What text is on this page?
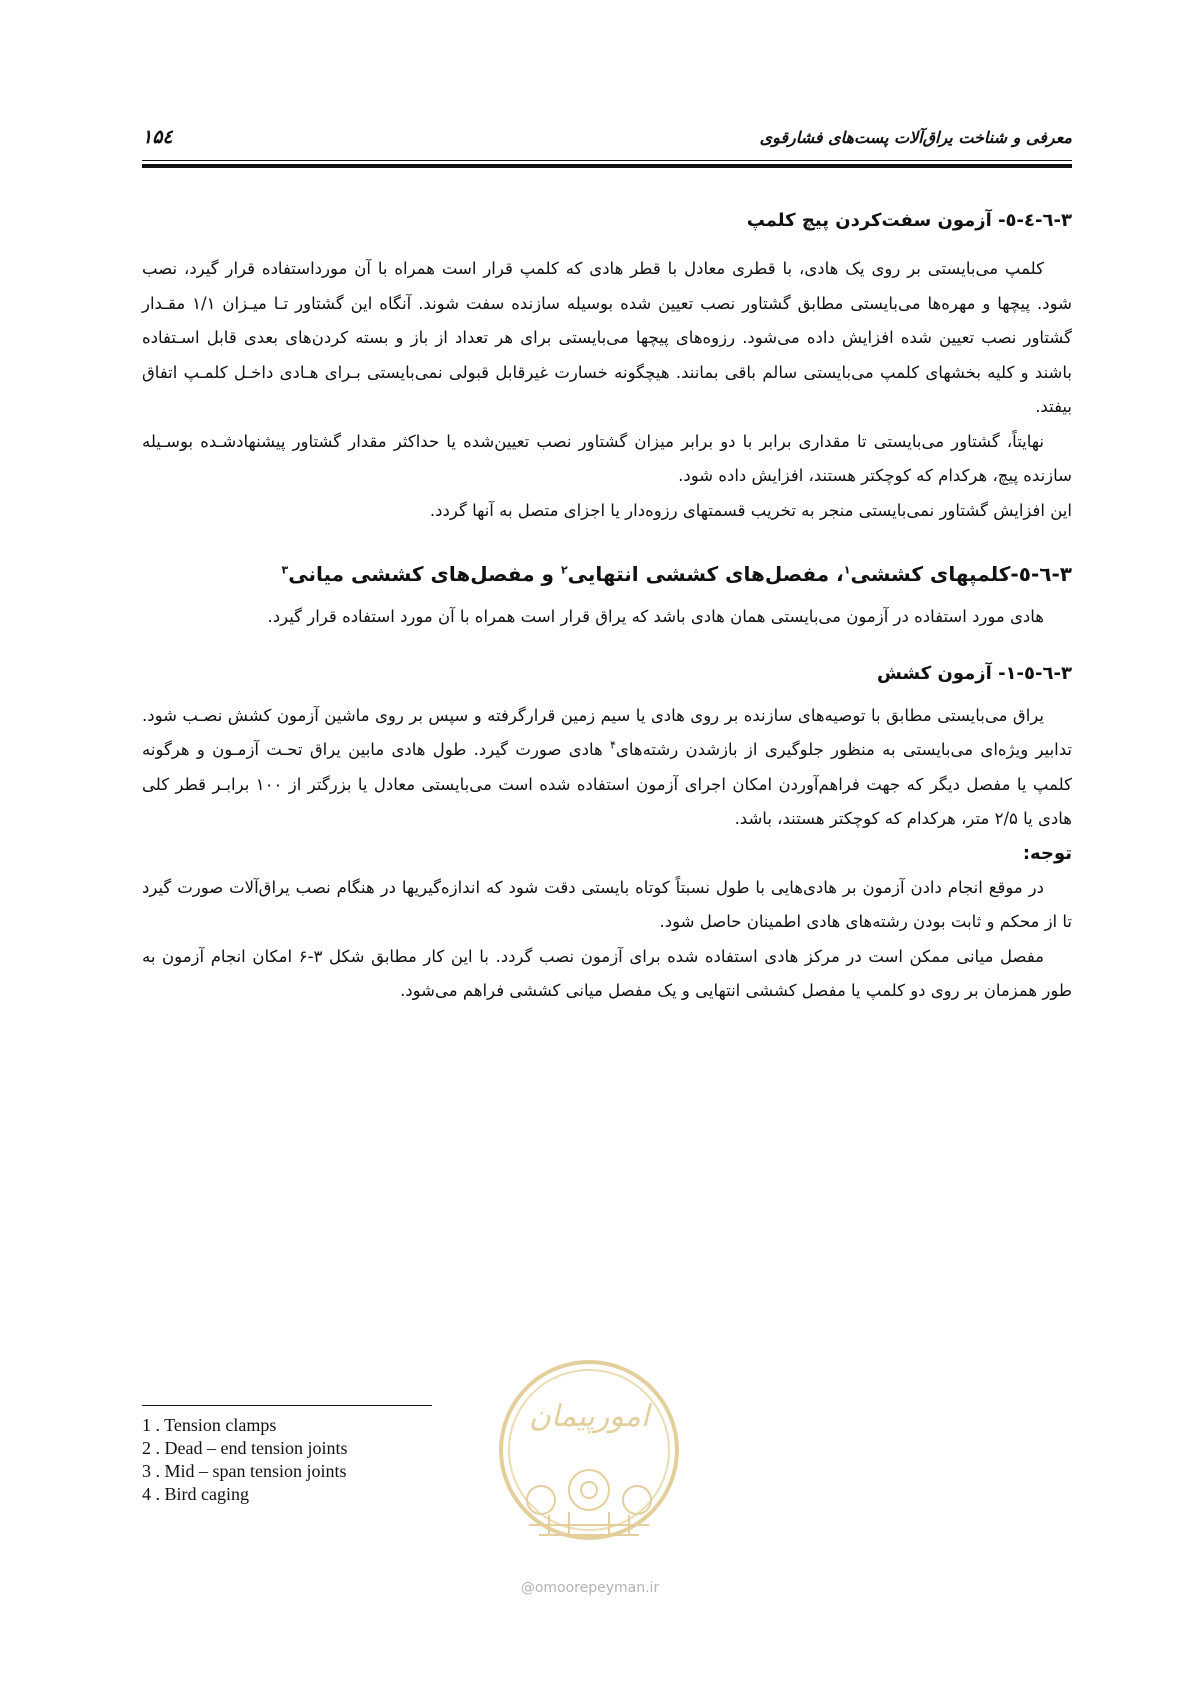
۱۵٤	معرفی و شناخت یراق‌آلات پست‌های فشارقوی
۳-٦-٤-٥- آزمون سفت‌کردن پیچ کلمپ

کلمپ می‌بایستی بر روی یک هادی، با قطری معادل با قطر هادی که کلمپ قرار است همراه با آن مورداستفاده قرار گیرد، نصب شود. پیچها و مهره‌ها می‌بایستی مطابق گشتاور نصب تعیین شده بوسیله سازنده سفت شوند. آنگاه این گشتاور تـا میـزان ۱/۱ مقـدار گشتاور نصب تعیین شده افزایش داده می‌شود. رزوه‌های پیچها می‌بایستی برای هر تعداد از باز و بسته کردن‌های بعدی قابل اسـتفاده باشند و کلیه بخشهای کلمپ می‌بایستی سالم باقی بمانند. هیچگونه خسارت غیرقابل قبولی نمی‌بایستی بـرای هـادی داخـل کلمـپ اتفاق بیفتد.

نهایتاً، گشتاور می‌بایستی تا مقداری برابر با دو برابر میزان گشتاور نصب تعیین‌شده یا حداکثر مقدار گشتاور پیشنهادشـده بوسـیله سازنده پیچ، هرکدام که کوچکتر هستند، افزایش داده شود.

این افزایش گشتاور نمی‌بایستی منجر به تخریب قسمتهای رزوه‌دار یا اجزای متصل به آنها گردد.

۳-٦-٥-کلمپهای کششی$^۱$، مفصل‌های کششی انتهایی$^۲$ و مفصل‌های کششی میانی$^۳$

هادی مورد استفاده در آزمون می‌بایستی همان هادی باشد که یراق قرار است همراه با آن مورد استفاده قرار گیرد.

۳-٦-٥-۱- آزمون کشش

یراق می‌بایستی مطابق با توصیه‌های سازنده بر روی هادی یا سیم زمین قرارگرفته و سپس بر روی ماشین آزمون کشش نصـب شود. تدابیر ویژه‌ای می‌بایستی به منظور جلوگیری از بازشدن رشته‌های$^۴$ هادی صورت گیرد. طول هادی مابین یراق تحـت آزمـون و هرگونه کلمپ یا مفصل دیگر که جهت فراهم‌آوردن امکان اجرای آزمون استفاده شده است می‌بایستی معادل یا بزرگتر از ۱۰۰ برابـر قطر کلی هادی یا ۲/۵ متر، هرکدام که کوچکتر هستند، باشد.

توجه:

در موقع انجام دادن آزمون بر هادی‌هایی با طول نسبتاً کوتاه بایستی دقت شود که اندازه‌گیریها در هنگام نصب یراق‌آلات صورت گیرد تا از محکم و ثابت بودن رشته‌های هادی اطمینان حاصل شود.

مفصل میانی ممکن است در مرکز هادی استفاده شده برای آزمون نصب گردد. با این کار مطابق شکل ۳-۶ امکان انجام آزمون به طور همزمان بر روی دو کلمپ یا مفصل کششی انتهایی و یک مفصل میانی کششی فراهم می‌شود.

امورپیمان
@omoorepeyman.ir
1 . Tension clamps
2 . Dead – end tension joints
3 . Mid – span tension joints
4 . Bird caging
